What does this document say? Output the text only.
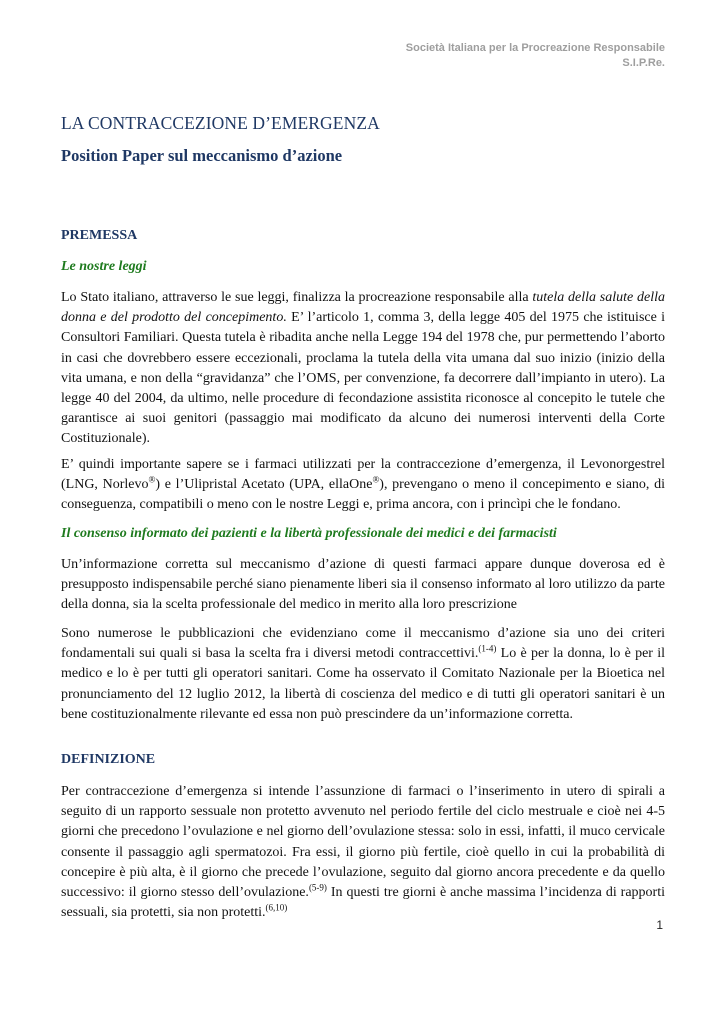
Società Italiana per la Procreazione Responsabile
S.I.P.Re.
LA CONTRACCEZIONE D’EMERGENZA
Position Paper sul meccanismo d’azione
PREMESSA
Le nostre leggi

Lo Stato italiano, attraverso le sue leggi, finalizza la procreazione responsabile alla tutela della salute della donna e del prodotto del concepimento. E’ l’articolo 1, comma 3, della legge 405 del 1975 che istituisce i Consultori Familiari. Questa tutela è ribadita anche nella Legge 194 del 1978 che, pur permettendo l’aborto in casi che dovrebbero essere eccezionali, proclama la tutela della vita umana dal suo inizio (inizio della vita umana, e non della “gravidanza” che l’OMS, per convenzione, fa decorrere dall’impianto in utero). La legge 40 del 2004, da ultimo, nelle procedure di fecondazione assistita riconosce al concepito le tutele che garantisce ai suoi genitori (passaggio mai modificato da alcuno dei numerosi interventi della Corte Costituzionale).

E’ quindi importante sapere se i farmaci utilizzati per la contraccezione d’emergenza, il Levonorgestrel (LNG, Norlevo®) e l’Ulipristal Acetato (UPA, ellaOne®), prevengano o meno il concepimento e siano, di conseguenza, compatibili o meno con le nostre Leggi e, prima ancora, con i princìpi che le fondano.

Il consenso informato dei pazienti e la libertà professionale dei medici e dei farmacisti

Un’informazione corretta sul meccanismo d’azione di questi farmaci appare dunque doverosa ed è presupposto indispensabile perché siano pienamente liberi sia il consenso informato al loro utilizzo da parte della donna, sia la scelta professionale del medico in merito alla loro prescrizione

Sono numerose le pubblicazioni che evidenziano come il meccanismo d’azione sia uno dei criteri fondamentali sui quali si basa la scelta fra i diversi metodi contraccettivi.$^{(1-4)}$ Lo è per la donna, lo è per il medico e lo è per tutti gli operatori sanitari. Come ha osservato il Comitato Nazionale per la Bioetica nel pronunciamento del 12 luglio 2012, la libertà di coscienza del medico e di tutti gli operatori sanitari è un bene costituzionalmente rilevante ed essa non può prescindere da un’informazione corretta.

DEFINIZIONE

Per contraccezione d’emergenza si intende l’assunzione di farmaci o l’inserimento in utero di spirali a seguito di un rapporto sessuale non protetto avvenuto nel periodo fertile del ciclo mestruale e cioè nei 4-5 giorni che precedono l’ovulazione e nel giorno dell’ovulazione stessa: solo in essi, infatti, il muco cervicale consente il passaggio agli spermatozoi. Fra essi, il giorno più fertile, cioè quello in cui la probabilità di concepire è più alta, è il giorno che precede l’ovulazione, seguito dal giorno ancora precedente e da quello successivo: il giorno stesso dell’ovulazione.$^{(5-9)}$ In questi tre giorni è anche massima l’incidenza di rapporti sessuali, sia protetti, sia non protetti.$^{(6,10)}$

1
